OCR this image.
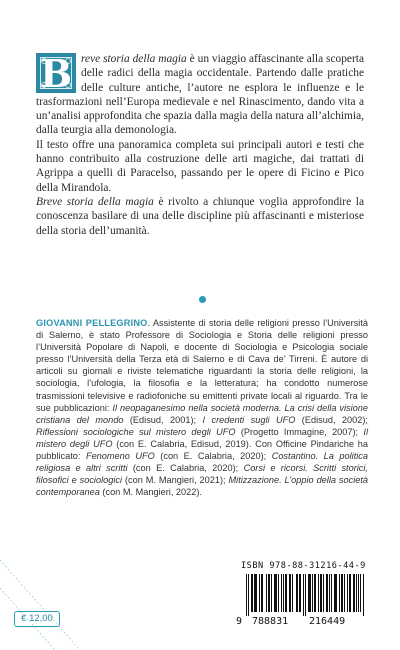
B reve storia della magia è un viaggio affascinante alla scoperta delle radici della magia occidentale. Partendo dalle pratiche delle culture antiche, l’autore ne esplora le influenze e le trasformazioni nell’Europa medievale e nel Rinascimento, dando vita a un’analisi approfondita che spazia dalla magia della natura all’alchimia, dalla teurgia alla demonologia.

Il testo offre una panoramica completa sui principali autori e testi che hanno contribuito alla costruzione delle arti magiche, dai trattati di Agrippa a quelli di Paracelso, passando per le opere di Ficino e Pico della Mirandola.

Breve storia della magia è rivolto a chiunque voglia approfondire la conoscenza basilare di una delle discipline più affascinanti e misteriose della storia dell’umanità.

GIOVANNI PELLEGRINO. Assistente di storia delle religioni presso l’Università di Salerno, è stato Professore di Sociologia e Storia delle religioni presso l’Università Popolare di Napoli, e docente di Sociologia e Psicologia sociale presso l’Università della Terza età di Salerno e di Cava de’ Tirreni. È autore di articoli su giornali e riviste telematiche riguardanti la storia delle religioni, la sociologia, l’ufologia, la filosofia e la letteratura; ha condotto numerose trasmissioni televisive e radiofoniche su emittenti private locali al riguardo. Tra le sue pubblicazioni: Il neopaganesimo nella società moderna. La crisi della visione cristiana del mondo (Edisud, 2001); I credenti sugli UFO (Edisud, 2002); Riflessioni sociologiche sul mistero degli UFO (Progetto Immagine, 2007); Il mistero degli UFO (con E. Calabria, Edisud, 2019). Con Officine Pindariche ha pubblicato: Fenomeno UFO (con E. Calabria, 2020); Costantino. La politica religiosa e altri scritti (con E. Calabria, 2020); Corsi e ricorsi. Scritti storici, filosofici e sociologici (con M. Mangieri, 2021); Mitizzazione. L’oppio della società contemporanea (con M. Mangieri, 2022).

ISBN 978-88-31216-44-9
9 788831 216449
€ 12,00
